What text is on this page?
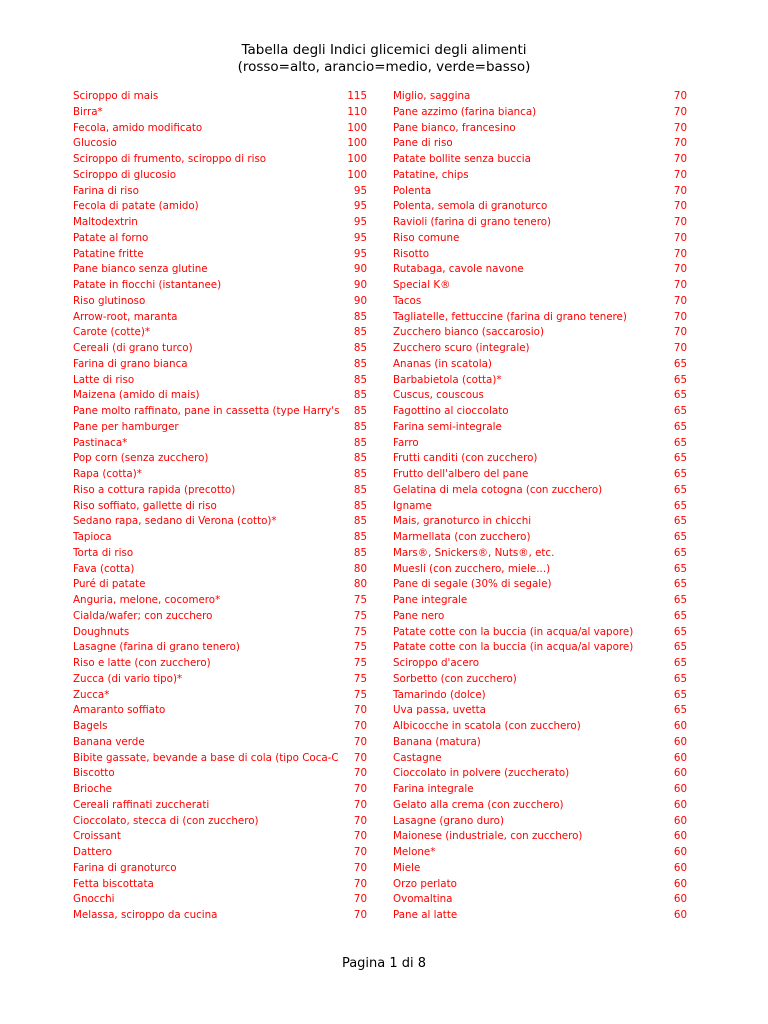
Tabella degli Indici glicemici degli alimenti
(rosso=alto, arancio=medio, verde=basso)
Sciroppo di mais	115
Birra*	110
Fecola, amido modificato	100
Glucosio	100
Sciroppo di frumento, sciroppo di riso	100
Sciroppo di glucosio	100
Farina di riso	95
Fecola di patate (amido)	95
Maltodextrin	95
Patate al forno	95
Patatine fritte	95
Pane bianco senza glutine	90
Patate in fiocchi (istantanee)	90
Riso glutinoso	90
Arrow-root, maranta	85
Carote (cotte)*	85
Cereali (di grano turco)	85
Farina di grano bianca	85
Latte di riso	85
Maizena (amido di mais)	85
Pane molto raffinato, pane in cassetta (type Harry's 85
Pane per hamburger	85
Pastinaca*	85
Pop corn (senza zucchero)	85
Rapa (cotta)*	85
Riso a cottura rapida (precotto)	85
Riso soffiato, gallette di riso	85
Sedano rapa, sedano di Verona (cotto)*	85
Tapioca	85
Torta di riso	85
Fava (cotta)	80
Puré di patate	80
Anguria, melone, cocomero*	75
Cialda/wafer; con zucchero	75
Doughnuts	75
Lasagne (farina di grano tenero)	75
Riso e latte (con zucchero)	75
Zucca (di vario tipo)*	75
Zucca*	75
Amaranto soffiato	70
Bagels	70
Banana verde	70
Bibite gassate, bevande a base di cola (tipo Coca-C 70
Biscotto	70
Brioche	70
Cereali raffinati zuccherati	70
Cioccolato, stecca di (con zucchero)	70
Croissant	70
Dattero	70
Farina di granoturco	70
Fetta biscottata	70
Gnocchi	70
Melassa, sciroppo da cucina	70
Miglio, saggina	70
Pane azzimo (farina bianca)	70
Pane bianco, francesino	70
Pane di riso	70
Patate bollite senza buccia	70
Patatine, chips	70
Polenta	70
Polenta, semola di granoturco	70
Ravioli (farina di grano tenero)	70
Riso comune	70
Risotto	70
Rutabaga, cavole navone	70
Special K®	70
Tacos	70
Tagliatelle, fettuccine (farina di grano tenere)	70
Zucchero bianco (saccarosio)	70
Zucchero scuro (integrale)	70
Ananas (in scatola)	65
Barbabietola (cotta)*	65
Cuscus, couscous	65
Fagottino al cioccolato	65
Farina semi-integrale	65
Farro	65
Frutti canditi (con zucchero)	65
Frutto dell'albero del pane	65
Gelatina di mela cotogna (con zucchero)	65
Igname	65
Mais, granoturco in chicchi	65
Marmellata (con zucchero)	65
Mars®, Snickers®, Nuts®, etc.	65
Muesli (con zucchero, miele...)	65
Pane di segale (30% di segale)	65
Pane integrale	65
Pane nero	65
Patate cotte con la buccia (in acqua/al vapore)	65
Patate cotte con la buccia (in acqua/al vapore)	65
Sciroppo d'acero	65
Sorbetto (con zucchero)	65
Tamarindo (dolce)	65
Uva passa, uvetta	65
Albicocche in scatola (con zucchero)	60
Banana (matura)	60
Castagne	60
Cioccolato in polvere (zuccherato)	60
Farina integrale	60
Gelato alla crema (con zucchero)	60
Lasagne (grano duro)	60
Maionese (industriale, con zucchero)	60
Melone*	60
Miele	60
Orzo perlato	60
Ovomaltina	60
Pane al latte	60
Pagina 1 di 8
